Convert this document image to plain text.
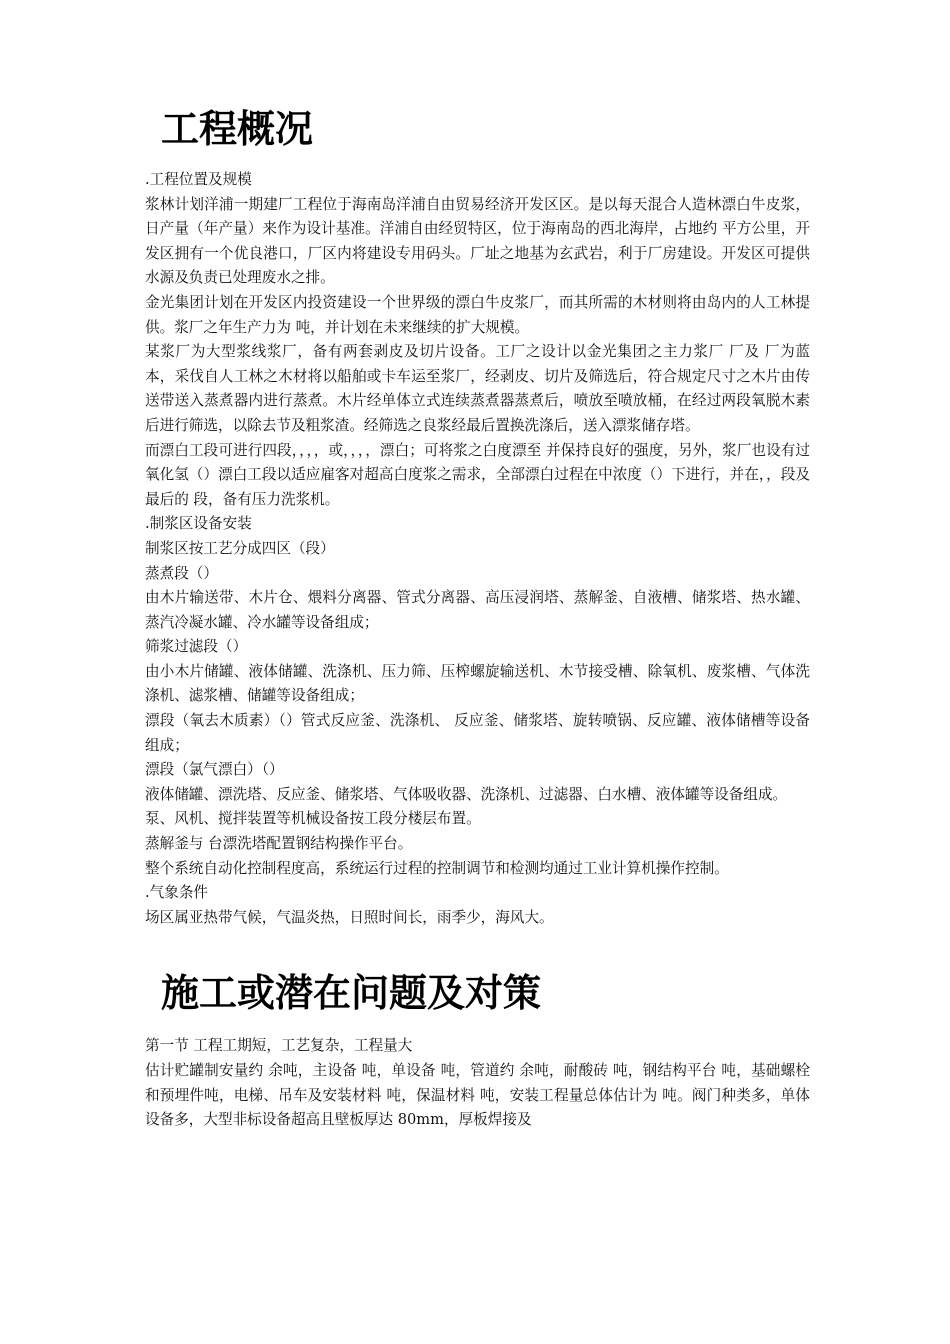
工程概况

.工程位置及规模

浆林计划洋浦一期建厂工程位于海南岛洋浦自由贸易经济开发区区。是以每天混合人造林漂白牛皮浆，日产量（年产量）来作为设计基准。洋浦自由经贸特区，位于海南岛的西北海岸，占地约 平方公里，开发区拥有一个优良港口，厂区内将建设专用码头。厂址之地基为玄武岩，利于厂房建设。开发区可提供水源及负责已处理废水之排。

金光集团计划在开发区内投资建设一个世界级的漂白牛皮浆厂，而其所需的木材则将由岛内的人工林提供。浆厂之年生产力为 吨，并计划在未来继续的扩大规模。

某浆厂为大型浆线浆厂，备有两套剥皮及切片设备。工厂之设计以金光集团之主力浆厂 厂及 厂为蓝本，采伐自人工林之木材将以船舶或卡车运至浆厂，经剥皮、切片及筛选后，符合规定尺寸之木片由传送带送入蒸煮器内进行蒸煮。木片经单体立式连续蒸煮器蒸煮后，喷放至喷放桶，在经过两段氧脱木素后进行筛选，以除去节及粗浆渣。经筛选之良浆经最后置换洗涤后，送入漂浆储存塔。

而漂白工段可进行四段，，，，或，，，，漂白；可将浆之白度漂至 并保持良好的强度，另外，浆厂也设有过氧化氢（）漂白工段以适应雇客对超高白度浆之需求，全部漂白过程在中浓度（）下进行，并在，，段及最后的 段，备有压力洗浆机。

.制浆区设备安装

制浆区按工艺分成四区（段）

蒸煮段（）

由木片输送带、木片仓、煨料分离器、管式分离器、高压浸润塔、蒸解釜、自液槽、储浆塔、热水罐、蒸汽冷凝水罐、冷水罐等设备组成；

筛浆过滤段（）

由小木片储罐、液体储罐、洗涤机、压力筛、压榨螺旋输送机、木节接受槽、除氧机、废浆槽、气体洗涤机、滤浆槽、储罐等设备组成；

漂段（氧去木质素）（）管式反应釜、洗涤机、 反应釜、储浆塔、旋转喷锅、反应罐、液体储槽等设备组成；

漂段（氯气漂白）（）

液体储罐、漂洗塔、反应釜、储浆塔、气体吸收器、洗涤机、过滤器、白水槽、液体罐等设备组成。

泵、风机、搅拌装置等机械设备按工段分楼层布置。

蒸解釜与 台漂洗塔配置钢结构操作平台。

整个系统自动化控制程度高，系统运行过程的控制调节和检测均通过工业计算机操作控制。

.气象条件

场区属亚热带气候，气温炎热，日照时间长，雨季少，海风大。

施工或潜在问题及对策

第一节 工程工期短，工艺复杂，工程量大

估计贮罐制安量约 余吨，主设备 吨，单设备 吨，管道约 余吨，耐酸砖 吨，钢结构平台 吨，基础螺栓和预埋件吨，电梯、吊车及安装材料 吨，保温材料 吨，安装工程量总体估计为 吨。阀门种类多，单体设备多，大型非标设备超高且壁板厚达 80mm，厚板焊接及
